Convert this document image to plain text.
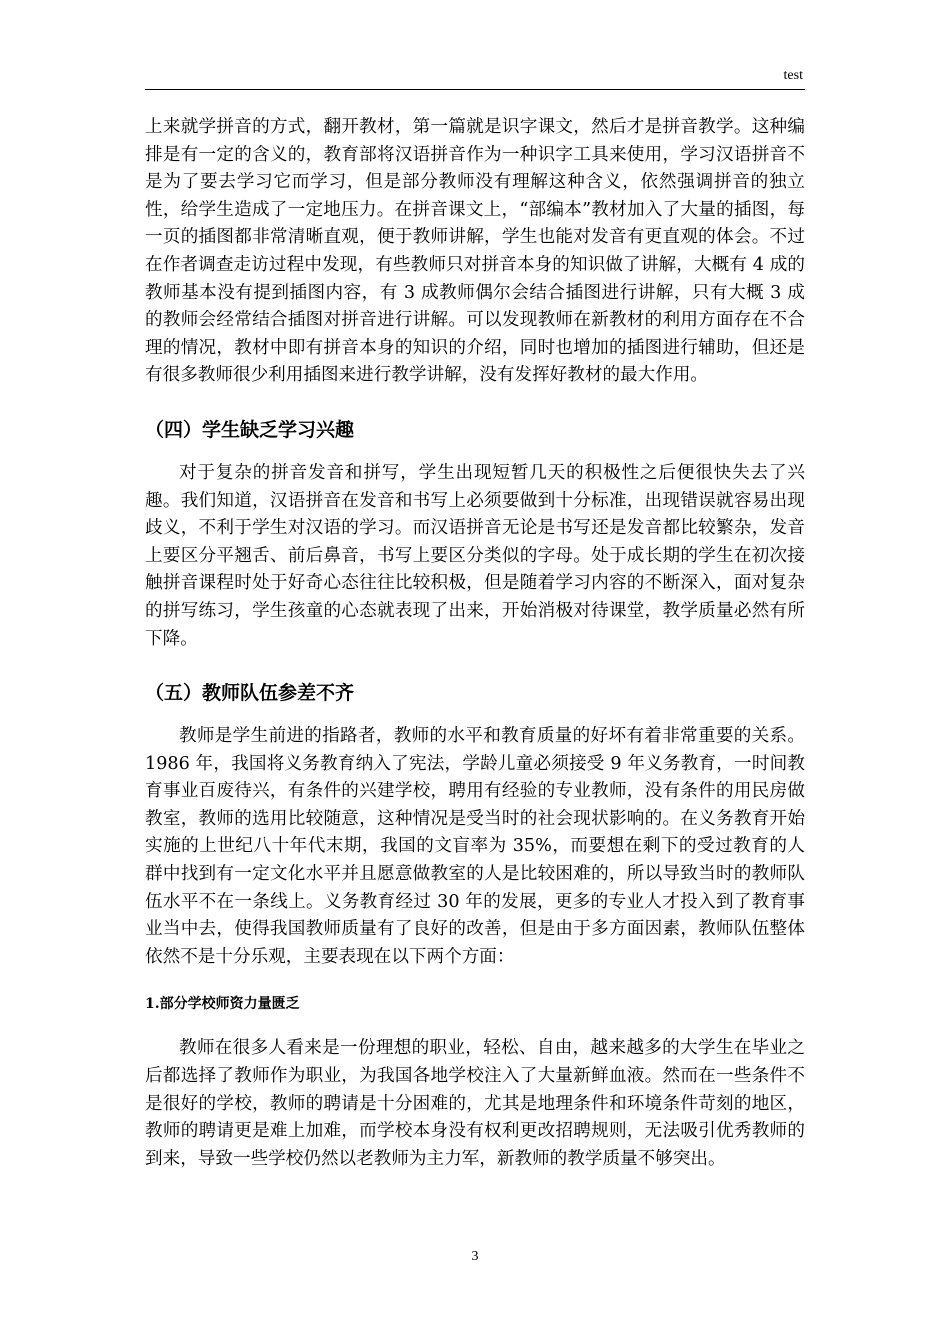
test

上来就学拼音的方式，翻开教材，第一篇就是识字课文，然后才是拼音教学。这种编排是有一定的含义的，教育部将汉语拼音作为一种识字工具来使用，学习汉语拼音不是为了要去学习它而学习，但是部分教师没有理解这种含义，依然强调拼音的独立性，给学生造成了一定地压力。在拼音课文上，“部编本”教材加入了大量的插图，每一页的插图都非常清晰直观，便于教师讲解，学生也能对发音有更直观的体会。不过在作者调查走访过程中发现，有些教师只对拼音本身的知识做了讲解，大概有 4 成的教师基本没有提到插图内容，有 3 成教师偶尔会结合插图进行讲解，只有大概 3 成的教师会经常结合插图对拼音进行讲解。可以发现教师在新教材的利用方面存在不合理的情况，教材中即有拼音本身的知识的介绍，同时也增加的插图进行辅助，但还是有很多教师很少利用插图来进行教学讲解，没有发挥好教材的最大作用。

（四）学生缺乏学习兴趣

对于复杂的拼音发音和拼写，学生出现短暂几天的积极性之后便很快失去了兴趣。我们知道，汉语拼音在发音和书写上必须要做到十分标准，出现错误就容易出现歧义，不利于学生对汉语的学习。而汉语拼音无论是书写还是发音都比较繁杂，发音上要区分平翘舌、前后鼻音，书写上要区分类似的字母。处于成长期的学生在初次接触拼音课程时处于好奇心态往往比较积极，但是随着学习内容的不断深入，面对复杂的拼写练习，学生孩童的心态就表现了出来，开始消极对待课堂，教学质量必然有所下降。

（五）教师队伍参差不齐

教师是学生前进的指路者，教师的水平和教育质量的好坏有着非常重要的关系。1986 年，我国将义务教育纳入了宪法，学龄儿童必须接受 9 年义务教育，一时间教育事业百废待兴，有条件的兴建学校，聘用有经验的专业教师，没有条件的用民房做教室，教师的选用比较随意，这种情况是受当时的社会现状影响的。在义务教育开始实施的上世纪八十年代末期，我国的文盲率为 35%，而要想在剩下的受过教育的人群中找到有一定文化水平并且愿意做教室的人是比较困难的，所以导致当时的教师队伍水平不在一条线上。义务教育经过 30 年的发展，更多的专业人才投入到了教育事业当中去，使得我国教师质量有了良好的改善，但是由于多方面因素，教师队伍整体依然不是十分乐观，主要表现在以下两个方面：

1.部分学校师资力量匮乏

教师在很多人看来是一份理想的职业，轻松、自由，越来越多的大学生在毕业之后都选择了教师作为职业，为我国各地学校注入了大量新鲜血液。然而在一些条件不是很好的学校，教师的聘请是十分困难的，尤其是地理条件和环境条件苛刻的地区，教师的聘请更是难上加难，而学校本身没有权利更改招聘规则，无法吸引优秀教师的到来，导致一些学校仍然以老教师为主力军，新教师的教学质量不够突出。

3
